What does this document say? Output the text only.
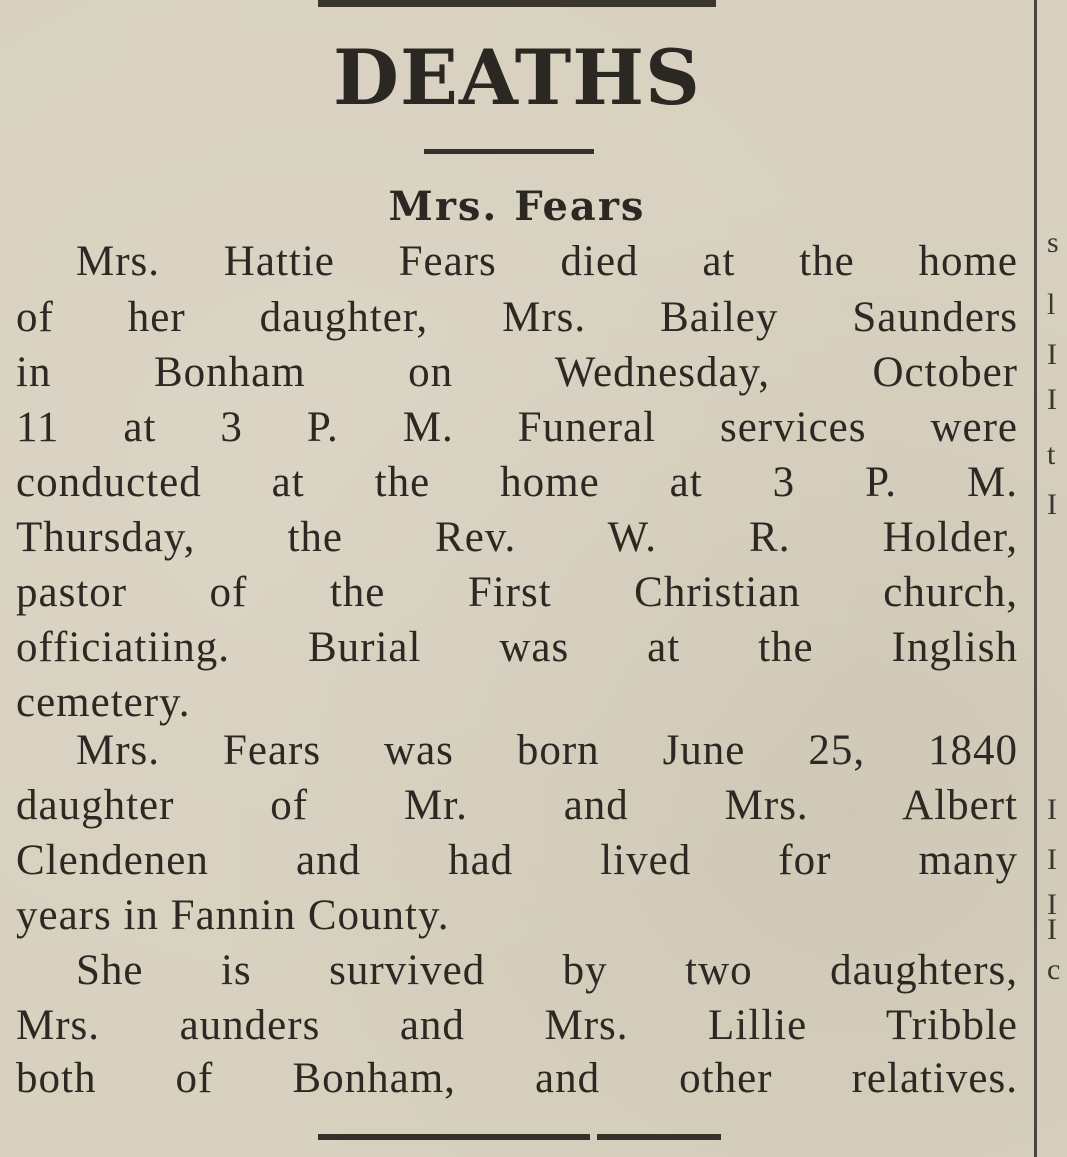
DEATHS
Mrs. Fears
Mrs. Hattie Fears died at the home
of her daughter, Mrs. Bailey Saunders
in Bonham on Wednesday, October
11 at 3 P. M. Funeral services were
conducted at the home at 3 P. M.
Thursday, the Rev. W. R. Holder,
pastor of the First Christian church,
officiatiing. Burial was at the Inglish
cemetery.
Mrs. Fears was born June 25, 1840
daughter of Mr. and Mrs. Albert
Clendenen and had lived for many
years in Fannin County.
She is survived by two daughters,
Mrs. aunders and Mrs. Lillie Tribble
both of Bonham, and other relatives.
s
l
I
I
t
I
I
I
I
I
c
